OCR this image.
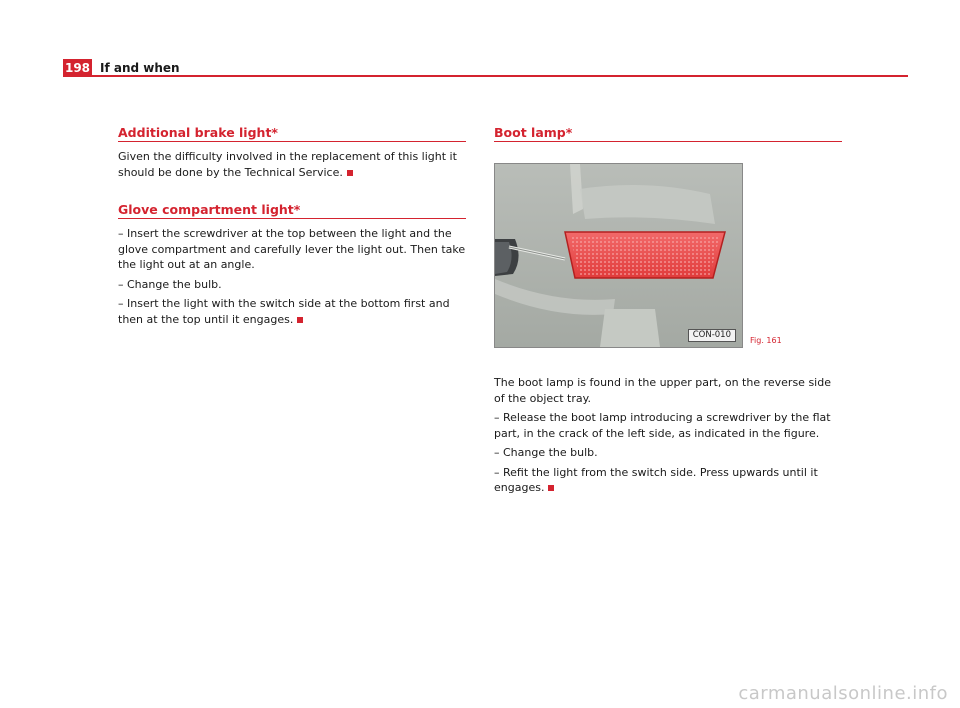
198 If and when
Additional brake light*

Given the difficulty involved in the replacement of this light it should be done by the Technical Service.

Glove compartment light*

– Insert the screwdriver at the top between the light and the glove compartment and carefully lever the light out. Then take the light out at an angle.

– Change the bulb.

– Insert the light with the switch side at the bottom first and then at the top until it engages.

Boot lamp*
CON-010
Fig. 161

The boot lamp is found in the upper part, on the reverse side of the object tray.

– Release the boot lamp introducing a screwdriver by the flat part, in the crack of the left side, as indicated in the figure.

– Change the bulb.

– Refit the light from the switch side. Press upwards until it engages.

carmanualsonline.info
